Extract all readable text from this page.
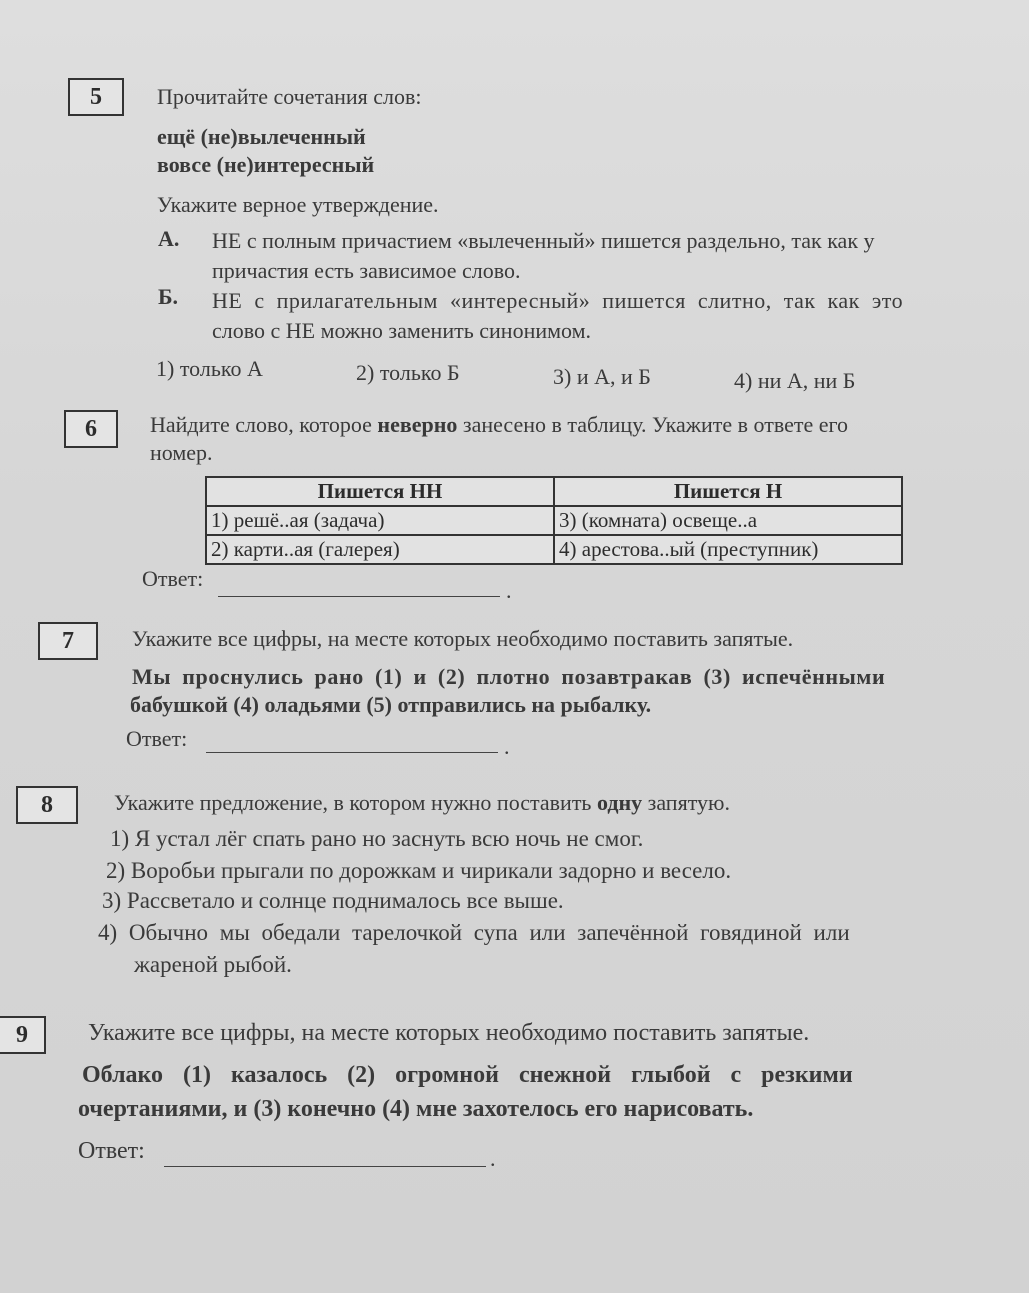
5	Прочитайте сочетания слов:
ещё (не)вылеченный
вовсе (не)интересный
Укажите верное утверждение.
А. НЕ с полным причастием «вылеченный» пишется раздельно, так как у
причастия есть зависимое слово.
Б. НЕ с прилагательным «интересный» пишется слитно, так как это
слово с НЕ можно заменить синонимом.
1) только А	2) только Б	3) и А, и Б	4) ни А, ни Б
6	Найдите слово, которое неверно занесено в таблицу. Укажите в ответе его
номер.
Пишется НН	Пишется Н
1) решё..ая (задача)	3) (комната) освеще..а
2) карти..ая (галерея)	4) арестова..ый (преступник)
Ответ:	.
7	Укажите все цифры, на месте которых необходимо поставить запятые.
Мы проснулись рано (1) и (2) плотно позавтракав (3) испечёнными
бабушкой (4) оладьями (5) отправились на рыбалку.
Ответ:	.
8	Укажите предложение, в котором нужно поставить одну запятую.
1) Я устал лёг спать рано но заснуть всю ночь не смог.
2) Воробьи прыгали по дорожкам и чирикали задорно и весело.
3) Рассветало и солнце поднималось все выше.
4) Обычно мы обедали тарелочкой супа или запечённой говядиной или
жареной рыбой.
9	Укажите все цифры, на месте которых необходимо поставить запятые.
Облако (1) казалось (2) огромной снежной глыбой с резкими
очертаниями, и (3) конечно (4) мне захотелось его нарисовать.
Ответ:	.
